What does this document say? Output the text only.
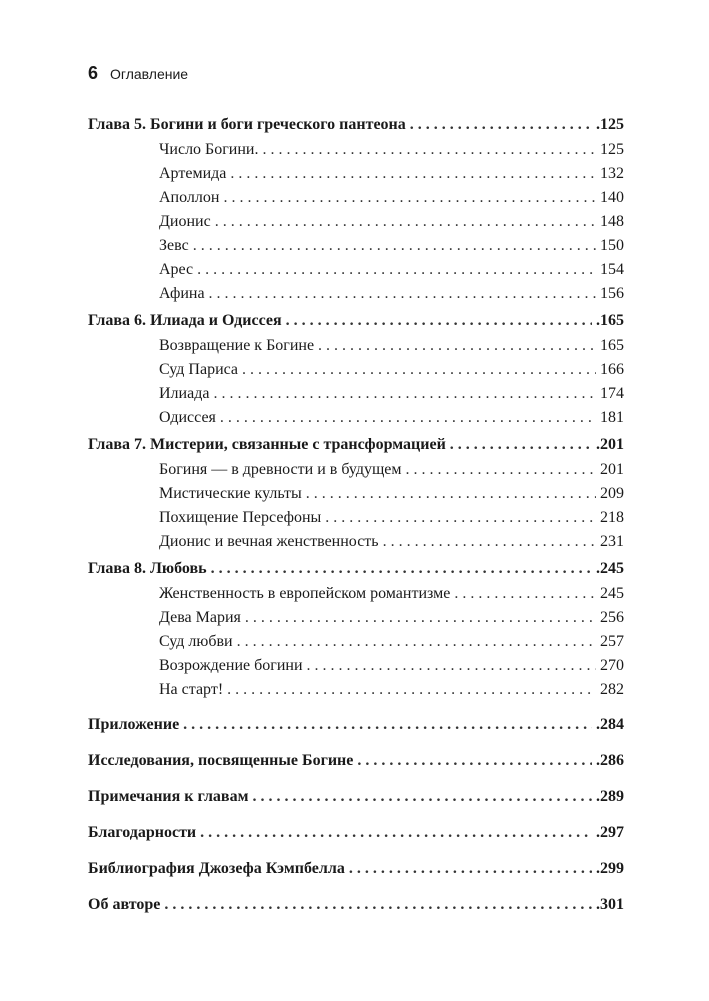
6 Оглавление
Глава 5. Богини и боги греческого пантеона . . .	.125
Число Богини. . . .	125
Артемида . . .	132
Аполлон . . .	140
Дионис . . .	148
Зевс . . .	150
Арес . . .	154
Афина . . .	156
Глава 6. Илиада и Одиссея . . .	.165
Возвращение к Богине . . .	165
Суд Париса . . .	166
Илиада . . .	174
Одиссея . . .	181
Глава 7. Мистерии, связанные с трансформацией . . .	.201
Богиня — в древности и в будущем . . .	201
Мистические культы . . .	209
Похищение Персефоны . . .	218
Дионис и вечная женственность . . .	231
Глава 8. Любовь . . .	.245
Женственность в европейском романтизме . . .	245
Дева Мария . . .	256
Суд любви . . .	257
Возрождение богини . . .	270
На старт! . . .	282
Приложение . . .	.284
Исследования, посвященные Богине . . .	.286
Примечания к главам . . .	.289
Благодарности . . .	.297
Библиография Джозефа Кэмпбелла . . .	.299
Об авторе . . .	.301
